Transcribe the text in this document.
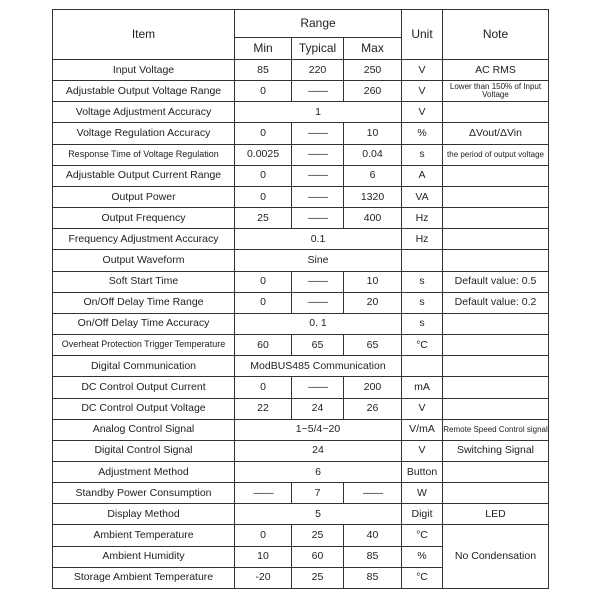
Item	Range			Unit	Note
	Min	Typical	Max		
Input Voltage	85	220	250	V	AC RMS
Adjustable Output Voltage Range	0	——	260	V	Lower than 150% of Input Voltage
Voltage Adjustment Accuracy	1			V	
Voltage Regulation Accuracy	0	——	10	%	ΔVout/ΔVin
Response Time of Voltage Regulation	0.0025	——	0.04	s	the period of output voltage
Adjustable Output Current Range	0	——	6	A	
Output Power	0	——	1320	VA	
Output Frequency	25	——	400	Hz	
Frequency Adjustment Accuracy	0.1			Hz	
Output Waveform	Sine				
Soft Start Time	0	——	10	s	Default value: 0.5
On/Off Delay Time Range	0	——	20	s	Default value: 0.2
On/Off Delay Time Accuracy	0. 1			s	
Overheat Protection Trigger Temperature	60	65	65	°C	
Digital Communication	ModBUS485 Communication				
DC Control Output Current	0	——	200	mA	
DC Control Output Voltage	22	24	26	V	
Analog Control Signal	1~5/4~20			V/mA	Remote Speed Control signal
Digital Control Signal	24			V	Switching Signal
Adjustment Method	6			Button	
Standby Power Consumption	——	7	——	W	
Display Method	5			Digit	LED
Ambient Temperature	0	25	40	°C	No Condensation
Ambient Humidity	10	60	85	%	
Storage Ambient Temperature	-20	25	85	°C	
